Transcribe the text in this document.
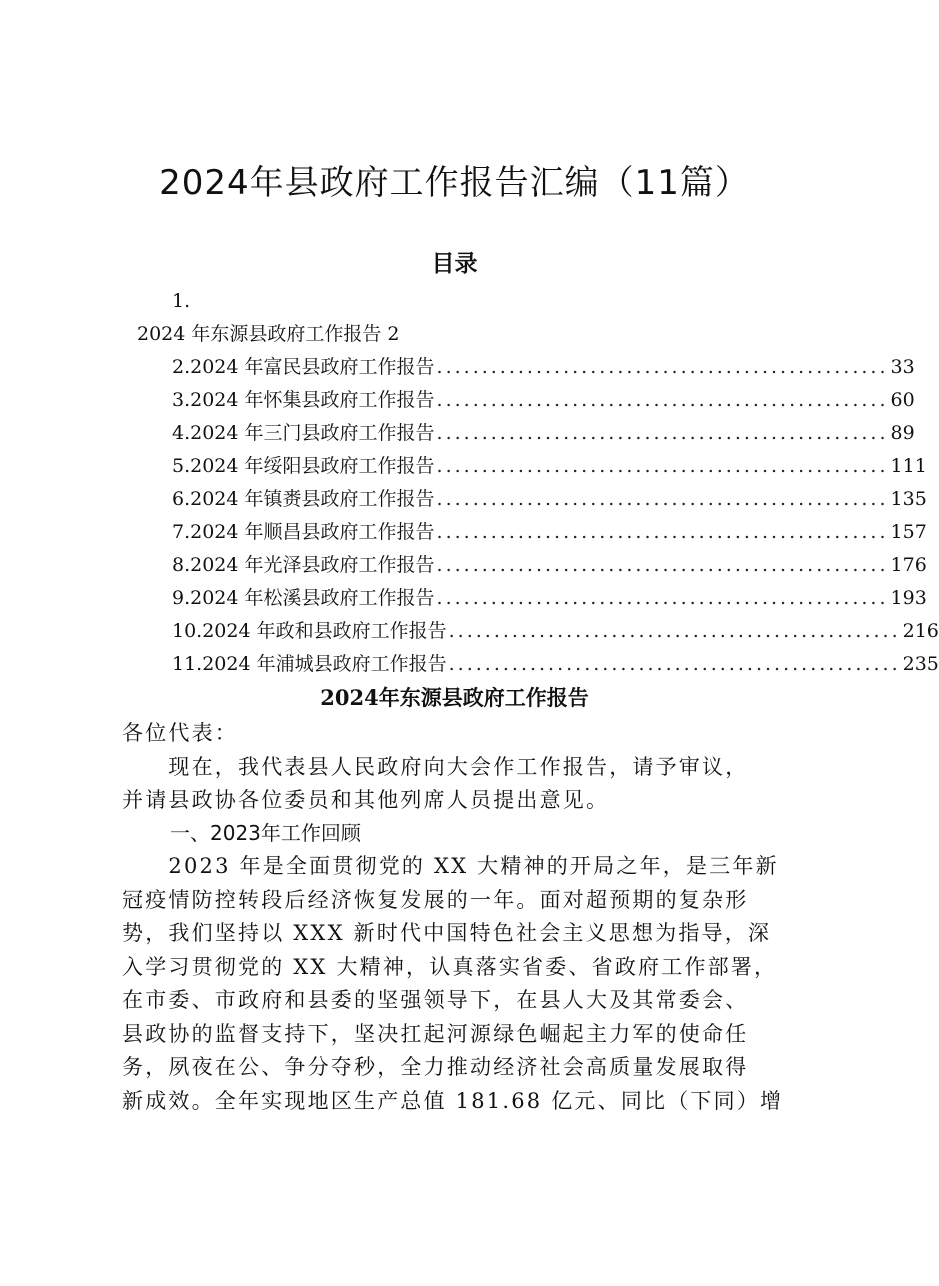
2024年县政府工作报告汇编（11篇）
目录
1.
2024 年东源县政府工作报告 2
2.2024 年富民县政府工作报告 .................................................. 33
3.2024 年怀集县政府工作报告 .................................................. 60
4.2024 年三门县政府工作报告 .................................................. 89
5.2024 年绥阳县政府工作报告 .................................................. 111
6.2024 年镇赉县政府工作报告 .................................................. 135
7.2024 年顺昌县政府工作报告 .................................................. 157
8.2024 年光泽县政府工作报告 .................................................. 176
9.2024 年松溪县政府工作报告 .................................................. 193
10.2024 年政和县政府工作报告 .................................................. 216
11.2024 年浦城县政府工作报告 .................................................. 235
2024年东源县政府工作报告
各位代表：
　　现在，我代表县人民政府向大会作工作报告，请予审议，
并请县政协各位委员和其他列席人员提出意见。
一、2023年工作回顾
　　2023 年是全面贯彻党的 XX 大精神的开局之年，是三年新
冠疫情防控转段后经济恢复发展的一年。面对超预期的复杂形
势，我们坚持以 XXX 新时代中国特色社会主义思想为指导，深
入学习贯彻党的 XX 大精神，认真落实省委、省政府工作部署，
在市委、市政府和县委的坚强领导下，在县人大及其常委会、
县政协的监督支持下，坚决扛起河源绿色崛起主力军的使命任
务，夙夜在公、争分夺秒，全力推动经济社会高质量发展取得
新成效。全年实现地区生产总值 181.68 亿元、同比（下同）增
